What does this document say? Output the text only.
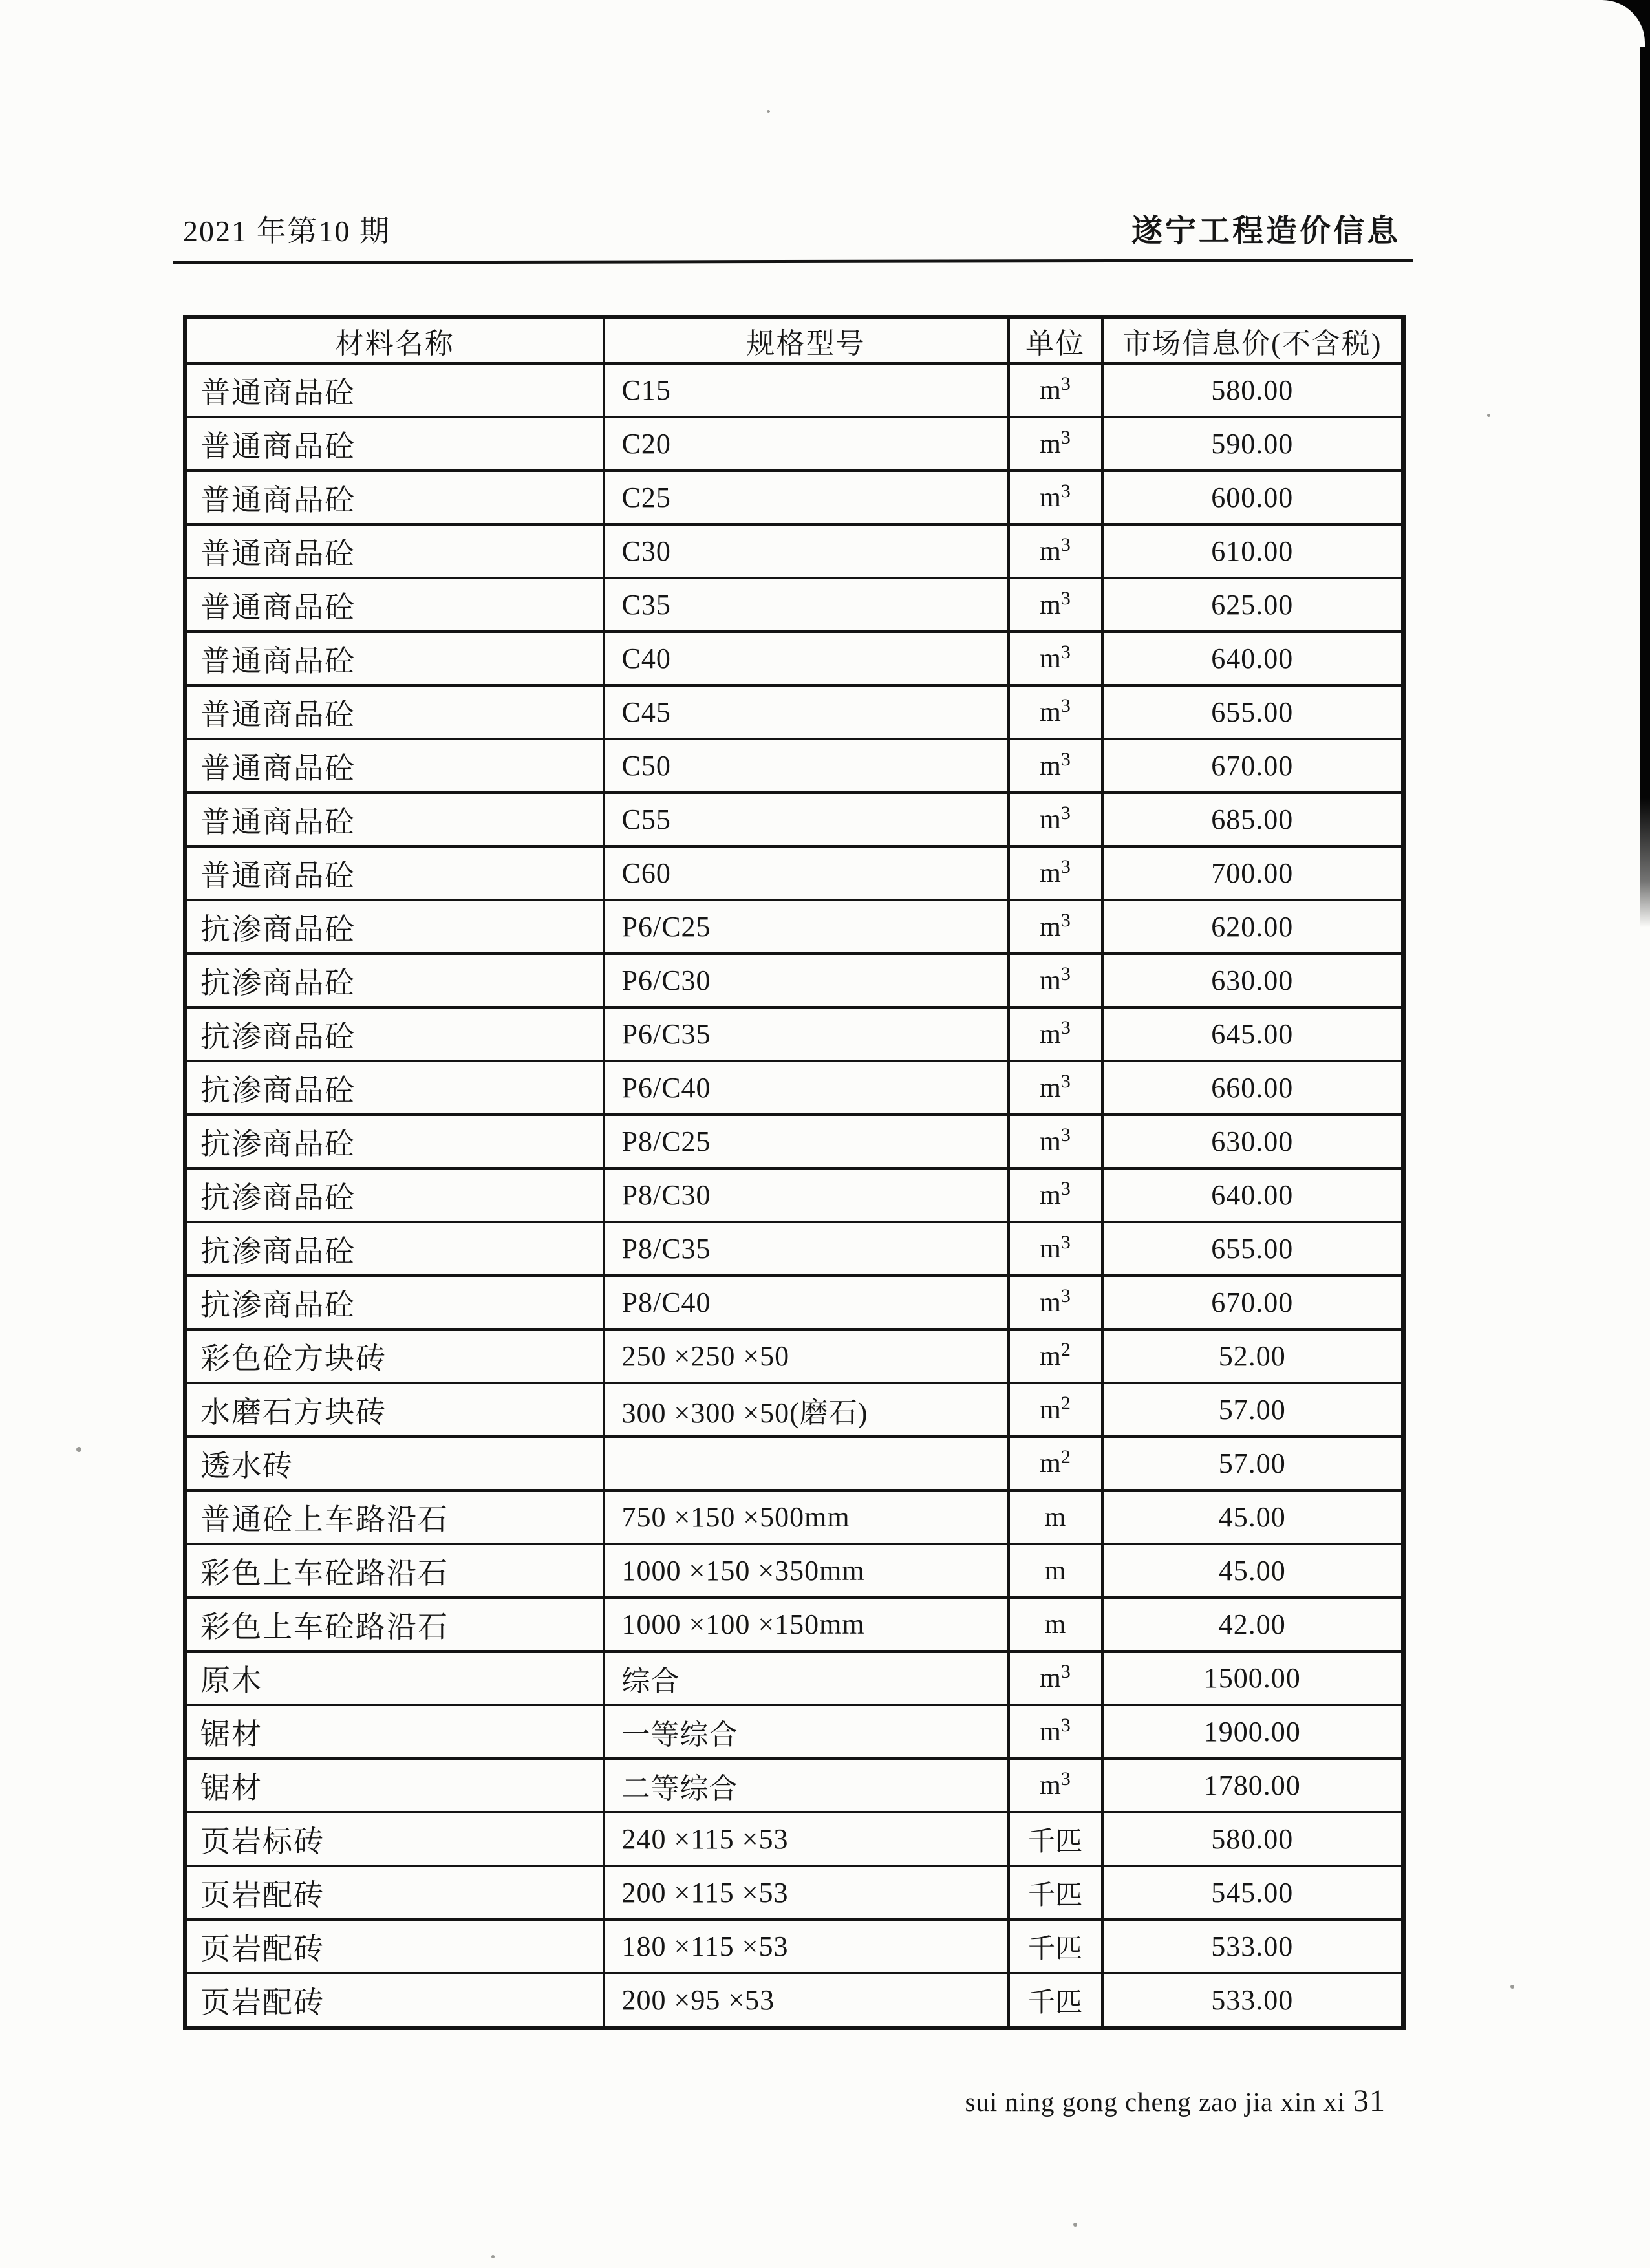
2021 年第10 期	遂宁工程造价信息
材料名称	规格型号	单位	市场信息价(不含税)
普通商品砼	C15	$m^3$	580.00
普通商品砼	C20	$m^3$	590.00
普通商品砼	C25	$m^3$	600.00
普通商品砼	C30	$m^3$	610.00
普通商品砼	C35	$m^3$	625.00
普通商品砼	C40	$m^3$	640.00
普通商品砼	C45	$m^3$	655.00
普通商品砼	C50	$m^3$	670.00
普通商品砼	C55	$m^3$	685.00
普通商品砼	C60	$m^3$	700.00
抗渗商品砼	P6/C25	$m^3$	620.00
抗渗商品砼	P6/C30	$m^3$	630.00
抗渗商品砼	P6/C35	$m^3$	645.00
抗渗商品砼	P6/C40	$m^3$	660.00
抗渗商品砼	P8/C25	$m^3$	630.00
抗渗商品砼	P8/C30	$m^3$	640.00
抗渗商品砼	P8/C35	$m^3$	655.00
抗渗商品砼	P8/C40	$m^3$	670.00
彩色砼方块砖	250 ×250 ×50	$m^2$	52.00
水磨石方块砖	300 ×300 ×50(磨石)	$m^2$	57.00
透水砖		$m^2$	57.00
普通砼上车路沿石	750 ×150 ×500mm	m	45.00
彩色上车砼路沿石	1000 ×150 ×350mm	m	45.00
彩色上车砼路沿石	1000 ×100 ×150mm	m	42.00
原木	综合	$m^3$	1500.00
锯材	一等综合	$m^3$	1900.00
锯材	二等综合	$m^3$	1780.00
页岩标砖	240 ×115 ×53	千匹	580.00
页岩配砖	200 ×115 ×53	千匹	545.00
页岩配砖	180 ×115 ×53	千匹	533.00
页岩配砖	200 ×95 ×53	千匹	533.00
sui ning gong cheng zao jia xin xi 31
